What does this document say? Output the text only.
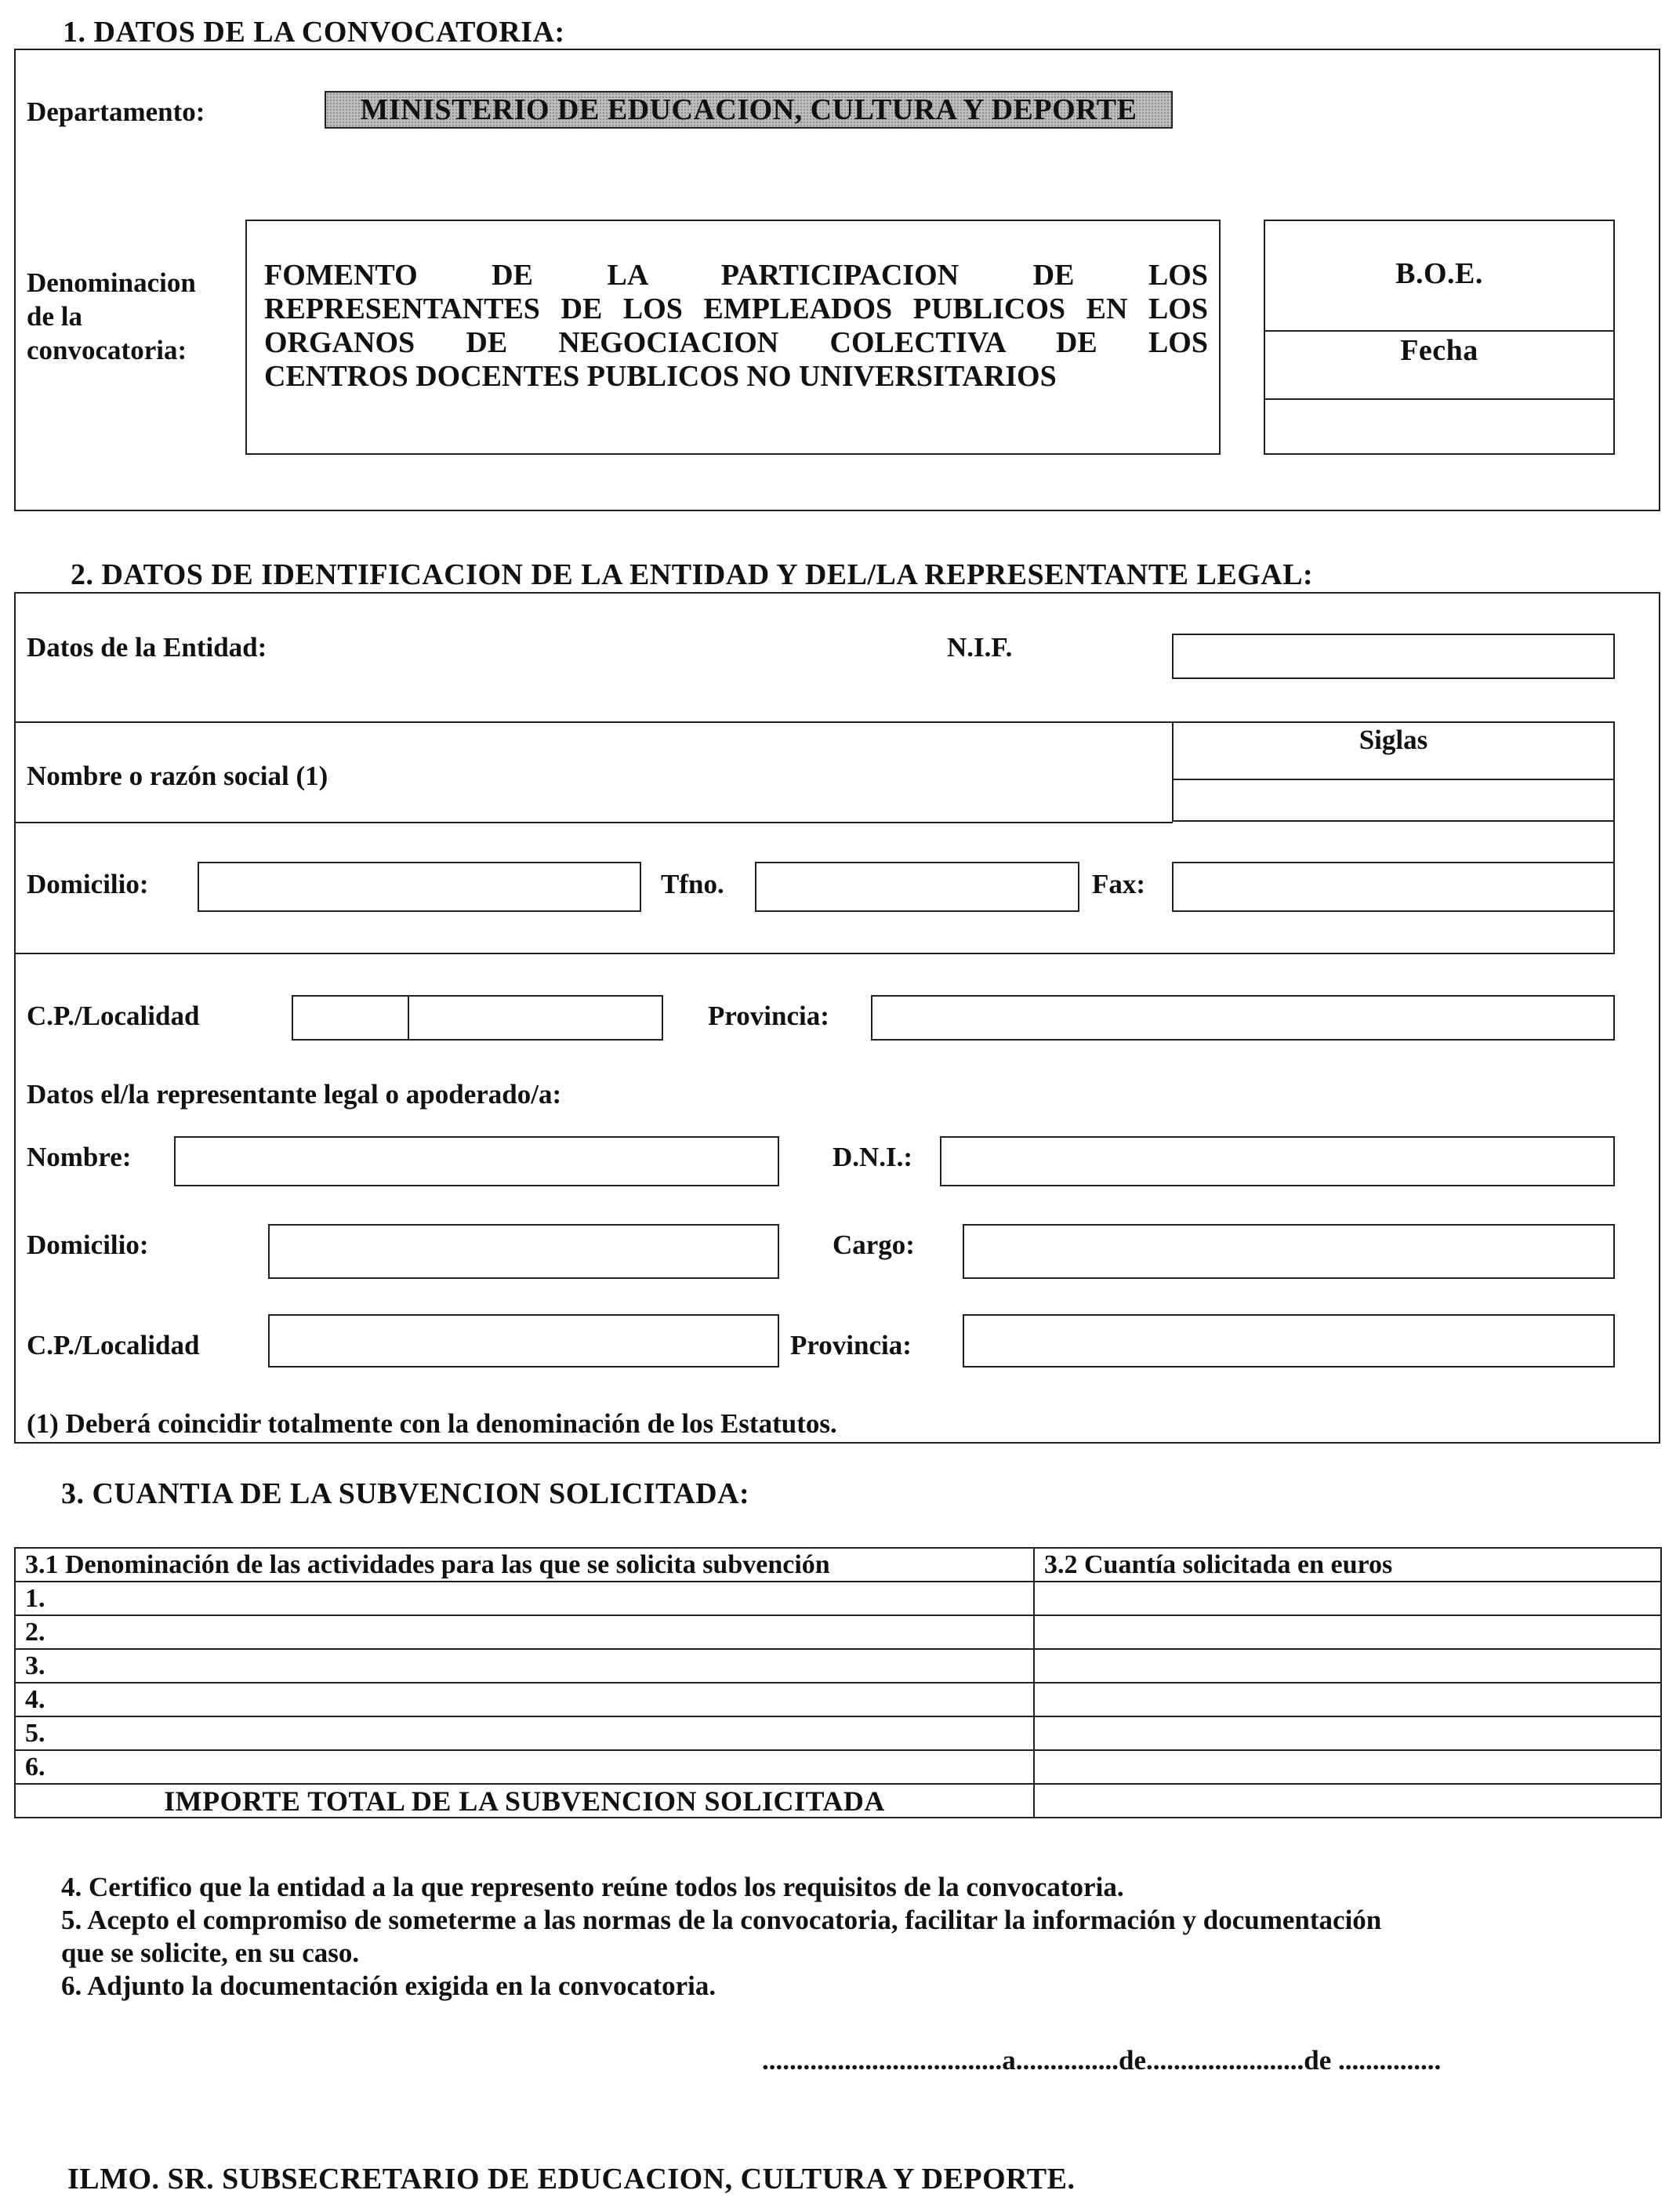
1. DATOS DE LA CONVOCATORIA:
Departamento:	MINISTERIO DE EDUCACION, CULTURA Y DEPORTE
Denominacion
de la
convocatoria:
FOMENTO DE LA PARTICIPACION DE LOS
REPRESENTANTES DE LOS EMPLEADOS PUBLICOS EN LOS
ORGANOS DE NEGOCIACION COLECTIVA DE LOS
CENTROS DOCENTES PUBLICOS NO UNIVERSITARIOS
B.O.E.
Fecha
2. DATOS DE IDENTIFICACION DE LA ENTIDAD Y DEL/LA REPRESENTANTE LEGAL:
Datos de la Entidad:	N.I.F.
Siglas
Nombre o razón social (1)
Domicilio:	Tfno.	Fax:
C.P./Localidad	Provincia:
Datos el/la representante legal o apoderado/a:
Nombre:	D.N.I.:
Domicilio:	Cargo:
C.P./Localidad	Provincia:
(1) Deberá coincidir totalmente con la denominación de los Estatutos.
3. CUANTIA DE LA SUBVENCION SOLICITADA:
3.1 Denominación de las actividades para las que se solicita subvención	3.2 Cuantía solicitada en euros
1.	
2.	
3.	
4.	
5.	
6.	
IMPORTE TOTAL DE LA SUBVENCION SOLICITADA	
4. Certifico que la entidad a la que represento reúne todos los requisitos de la convocatoria.
5. Acepto el compromiso de someterme a las normas de la convocatoria, facilitar la información y documentación
que se solicite, en su caso.
6. Adjunto la documentación exigida en la convocatoria.
...................................a...............de.......................de ...............
ILMO. SR. SUBSECRETARIO DE EDUCACION, CULTURA Y DEPORTE.
